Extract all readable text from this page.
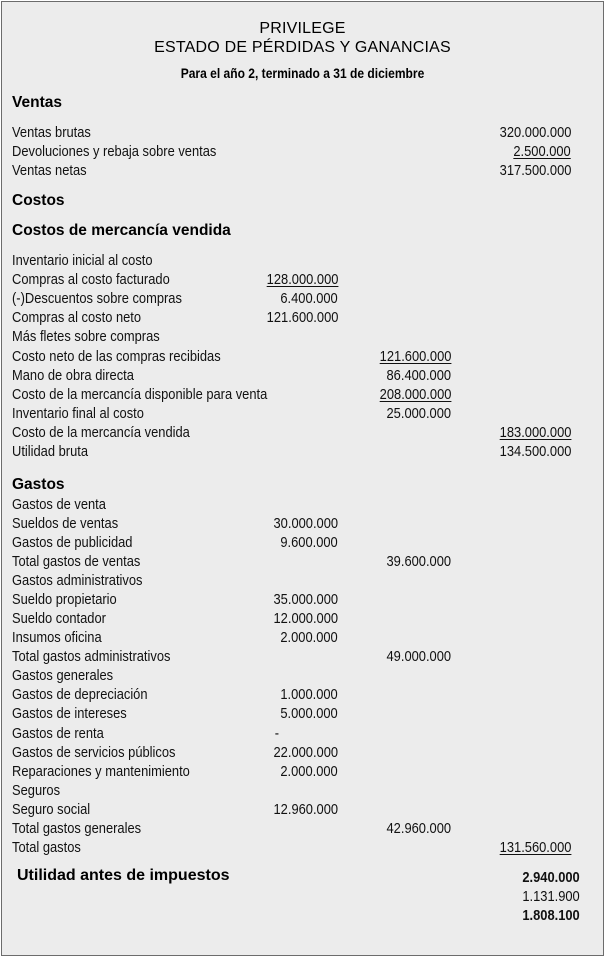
PRIVILEGE
ESTADO DE PÉRDIDAS Y GANANCIAS
Para el año 2, terminado a 31 de diciembre
Ventas
Ventas brutas	320.000.000
Devoluciones y rebaja sobre ventas	2.500.000
Ventas netas	317.500.000
Costos
Costos de mercancía vendida
Inventario inicial al costo
Compras al costo facturado	128.000.000
(-)Descuentos sobre compras	6.400.000
Compras al costo neto	121.600.000
Más fletes sobre compras
Costo neto de las compras recibidas	121.600.000
Mano de obra directa	86.400.000
Costo de la mercancía disponible para venta	208.000.000
Inventario final al costo	25.000.000
Costo de la mercancía vendida	183.000.000
Utilidad bruta	134.500.000
Gastos
Gastos de venta
Sueldos de ventas	30.000.000
Gastos de publicidad	9.600.000
Total gastos de ventas	39.600.000
Gastos administrativos
Sueldo propietario	35.000.000
Sueldo contador	12.000.000
Insumos oficina	2.000.000
Total gastos administrativos	49.000.000
Gastos generales
Gastos de depreciación	1.000.000
Gastos de intereses	5.000.000
Gastos de renta	-
Gastos de servicios públicos	22.000.000
Reparaciones y mantenimiento	2.000.000
Seguros
Seguro social	12.960.000
Total gastos generales	42.960.000
Total gastos	131.560.000
Utilidad antes de impuestos	2.940.000
1.131.900
1.808.100
